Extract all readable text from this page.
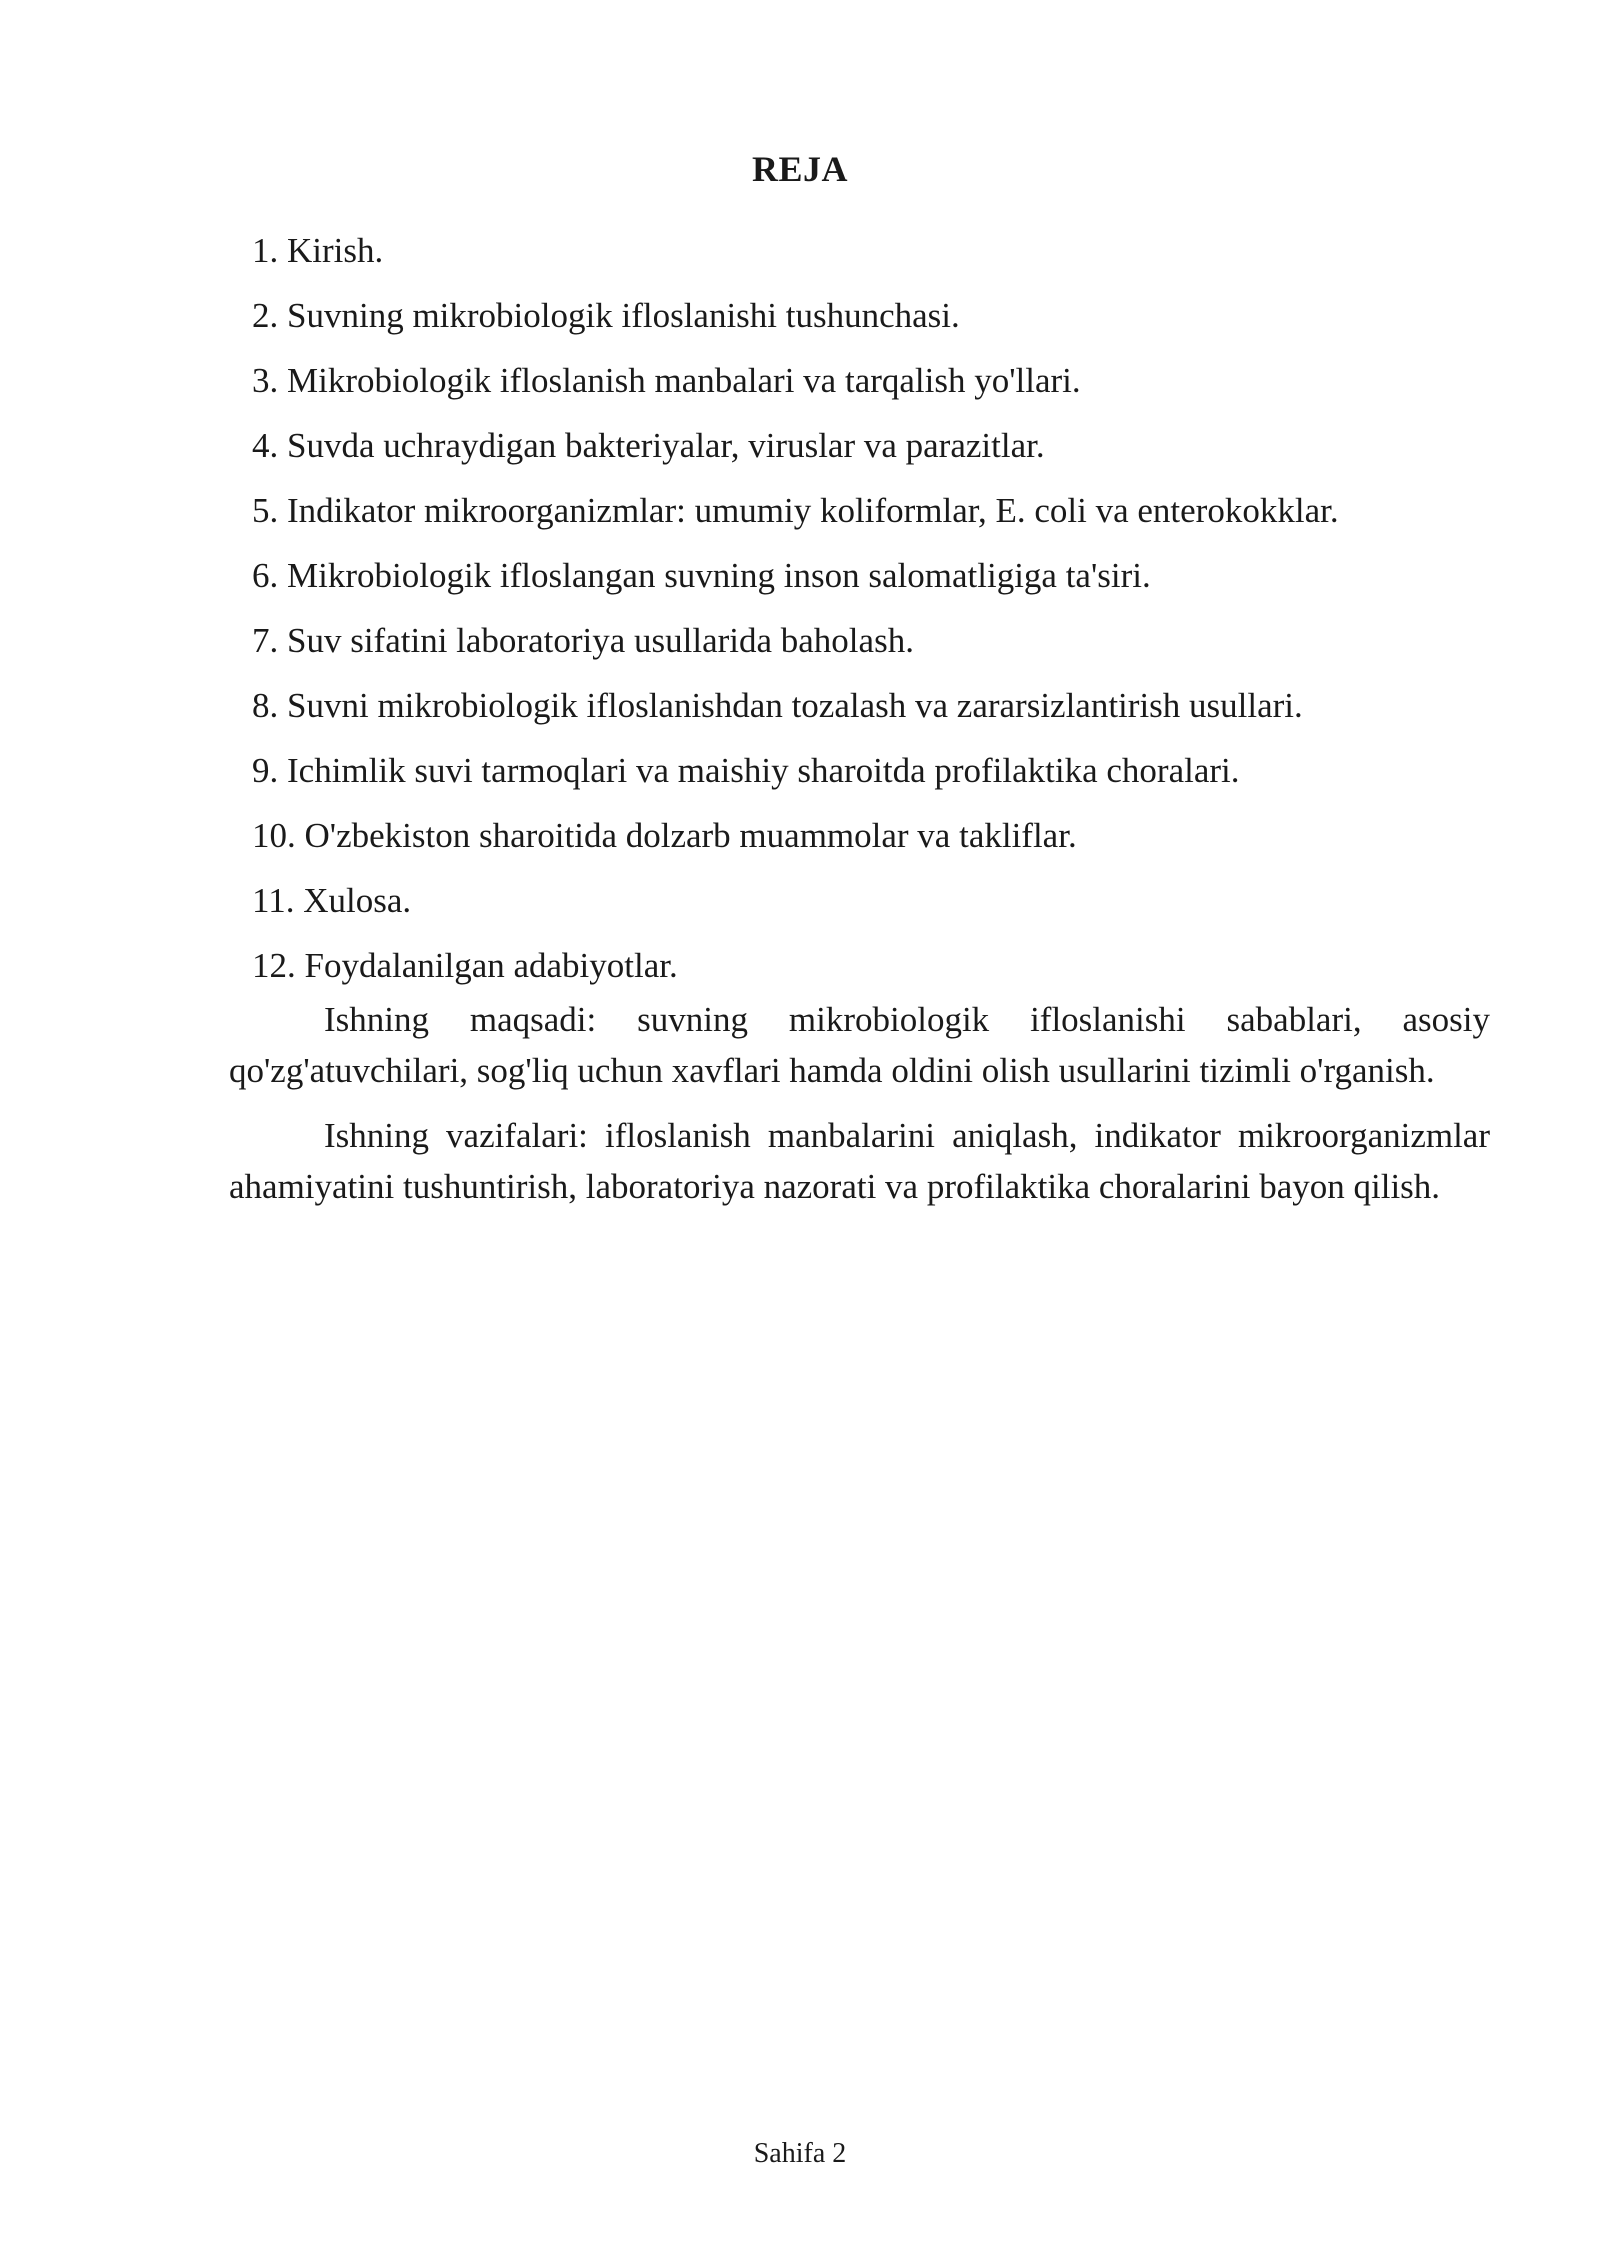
REJA
1. Kirish.
2. Suvning mikrobiologik ifloslanishi tushunchasi.
3. Mikrobiologik ifloslanish manbalari va tarqalish yo'llari.
4. Suvda uchraydigan bakteriyalar, viruslar va parazitlar.
5. Indikator mikroorganizmlar: umumiy koliformlar, E. coli va enterokokklar.
6. Mikrobiologik ifloslangan suvning inson salomatligiga ta'siri.
7. Suv sifatini laboratoriya usullarida baholash.
8. Suvni mikrobiologik ifloslanishdan tozalash va zararsizlantirish usullari.
9. Ichimlik suvi tarmoqlari va maishiy sharoitda profilaktika choralari.
10. O'zbekiston sharoitida dolzarb muammolar va takliflar.
11. Xulosa.
12. Foydalanilgan adabiyotlar.

Ishning maqsadi: suvning mikrobiologik ifloslanishi sabablari, asosiy qo'zg'atuvchilari, sog'liq uchun xavflari hamda oldini olish usullarini tizimli o'rganish.

Ishning vazifalari: ifloslanish manbalarini aniqlash, indikator mikroorganizmlar ahamiyatini tushuntirish, laboratoriya nazorati va profilaktika choralarini bayon qilish.

Sahifa 2
